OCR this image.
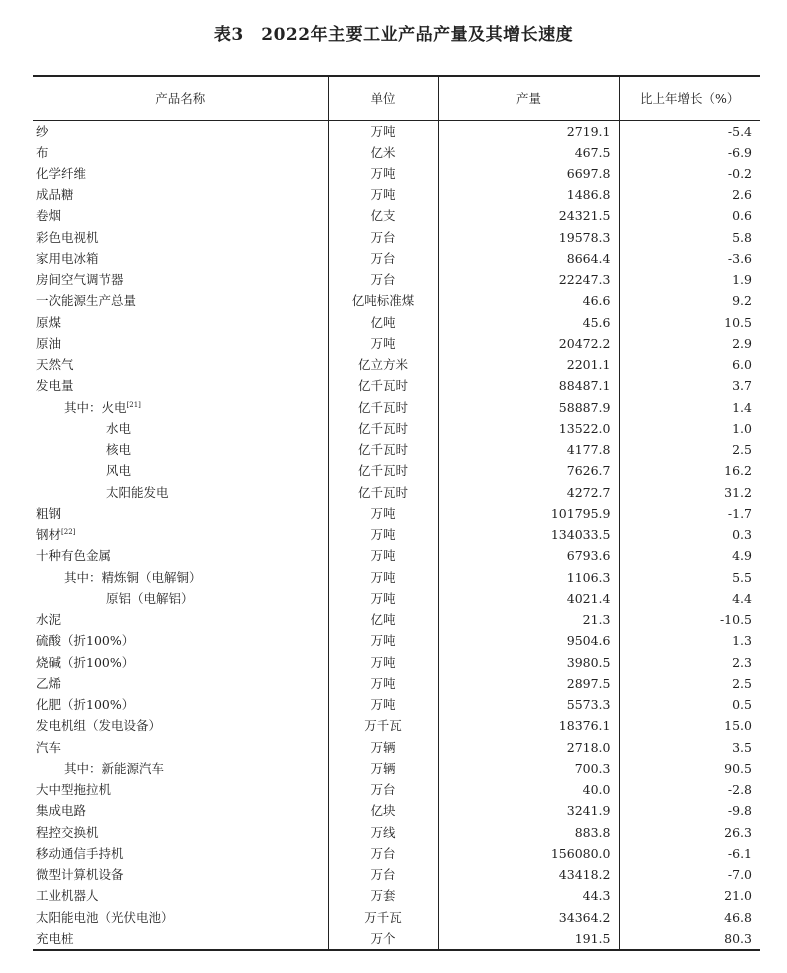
表3　2022年主要工业产品产量及其增长速度
产品名称	单位	产量	比上年增长（%）
纱	万吨	2719.1	-5.4
布	亿米	467.5	-6.9
化学纤维	万吨	6697.8	-0.2
成品糖	万吨	1486.8	2.6
卷烟	亿支	24321.5	0.6
彩色电视机	万台	19578.3	5.8
家用电冰箱	万台	8664.4	-3.6
房间空气调节器	万台	22247.3	1.9
一次能源生产总量	亿吨标准煤	46.6	9.2
原煤	亿吨	45.6	10.5
原油	万吨	20472.2	2.9
天然气	亿立方米	2201.1	6.0
发电量	亿千瓦时	88487.1	3.7
其中：火电[21]	亿千瓦时	58887.9	1.4
水电	亿千瓦时	13522.0	1.0
核电	亿千瓦时	4177.8	2.5
风电	亿千瓦时	7626.7	16.2
太阳能发电	亿千瓦时	4272.7	31.2
粗钢	万吨	101795.9	-1.7
钢材[22]	万吨	134033.5	0.3
十种有色金属	万吨	6793.6	4.9
其中：精炼铜（电解铜）	万吨	1106.3	5.5
原铝（电解铝）	万吨	4021.4	4.4
水泥	亿吨	21.3	-10.5
硫酸（折100%）	万吨	9504.6	1.3
烧碱（折100%）	万吨	3980.5	2.3
乙烯	万吨	2897.5	2.5
化肥（折100%）	万吨	5573.3	0.5
发电机组（发电设备）	万千瓦	18376.1	15.0
汽车	万辆	2718.0	3.5
其中：新能源汽车	万辆	700.3	90.5
大中型拖拉机	万台	40.0	-2.8
集成电路	亿块	3241.9	-9.8
程控交换机	万线	883.8	26.3
移动通信手持机	万台	156080.0	-6.1
微型计算机设备	万台	43418.2	-7.0
工业机器人	万套	44.3	21.0
太阳能电池（光伏电池）	万千瓦	34364.2	46.8
充电桩	万个	191.5	80.3
